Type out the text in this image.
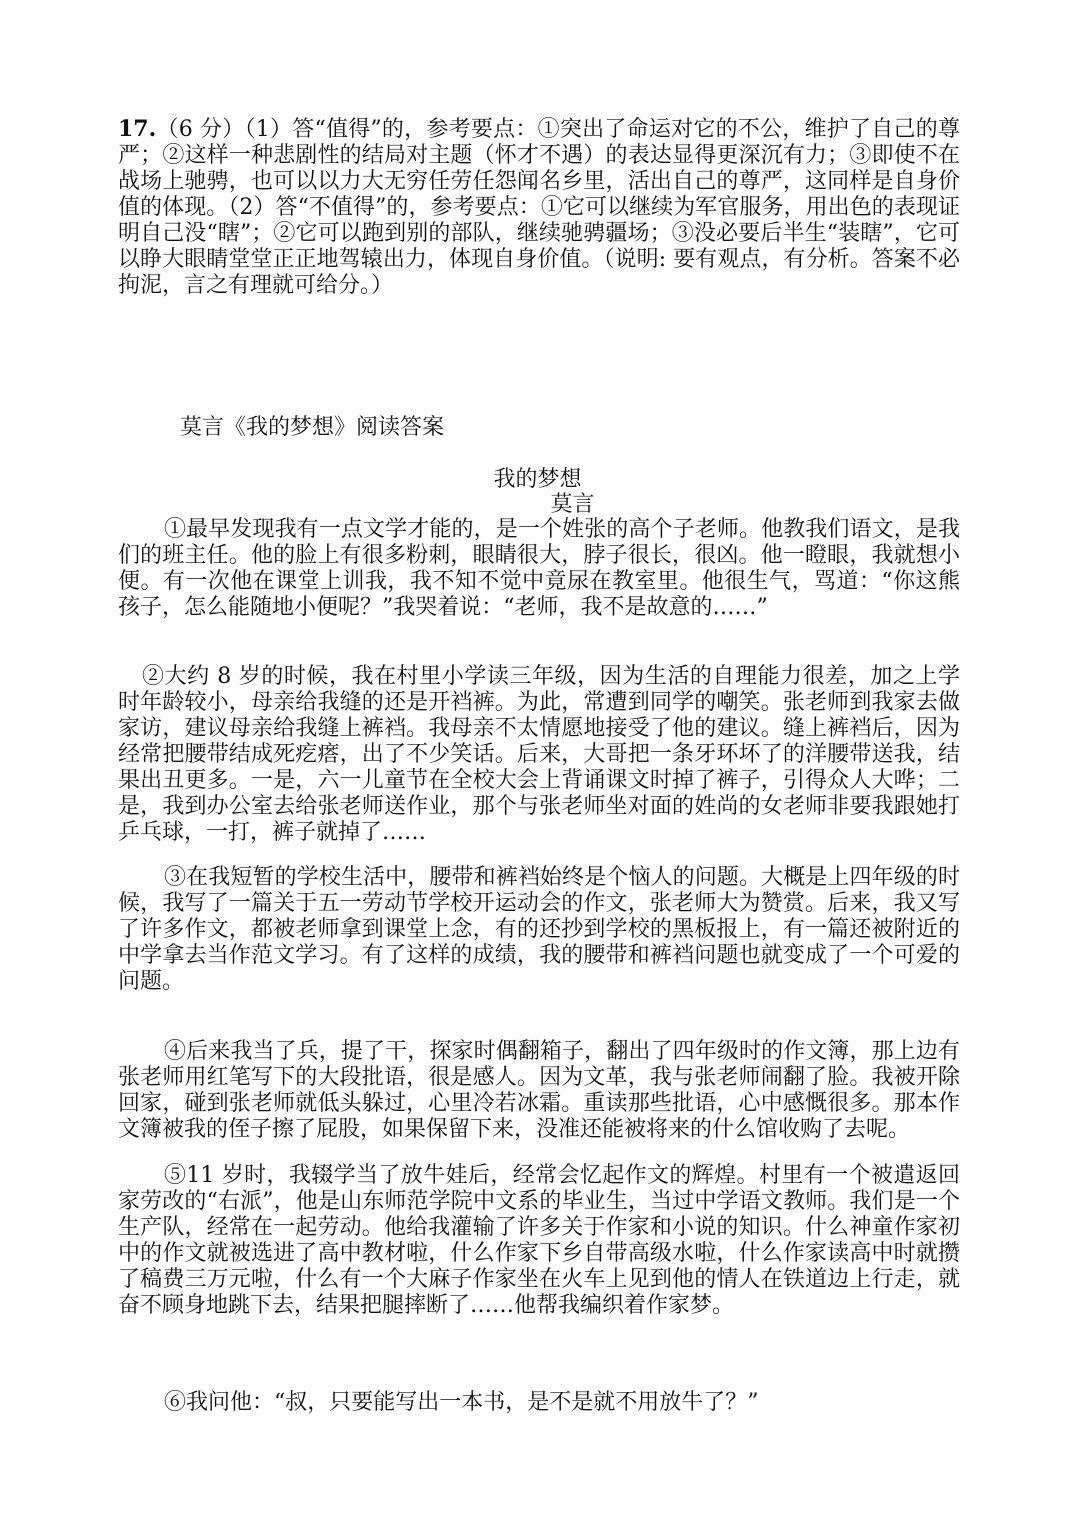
17.（6 分）（1）答“值得”的，参考要点：①突出了命运对它的不公，维护了自己的尊严；②这样一种悲剧性的结局对主题（怀才不遇）的表达显得更深沉有力；③即使不在战场上驰骋，也可以以力大无穷任劳任怨闻名乡里，活出自己的尊严，这同样是自身价值的体现。（2）答“不值得”的，参考要点：①它可以继续为军官服务，用出色的表现证明自己没“瞎”；②它可以跑到别的部队，继续驰骋疆场；③没必要后半生“装瞎”，它可以睁大眼睛堂堂正正地驾辕出力，体现自身价值。（说明: 要有观点，有分析。答案不必拘泥，言之有理就可给分。）

莫言《我的梦想》阅读答案

我的梦想

莫言

①最早发现我有一点文学才能的，是一个姓张的高个子老师。他教我们语文，是我们的班主任。他的脸上有很多粉刺，眼睛很大，脖子很长，很凶。他一瞪眼，我就想小便。有一次他在课堂上训我，我不知不觉中竟尿在教室里。他很生气，骂道：“你这熊孩子，怎么能随地小便呢？”我哭着说：“老师，我不是故意的……”

②大约 8 岁的时候，我在村里小学读三年级，因为生活的自理能力很差，加之上学时年龄较小，母亲给我缝的还是开裆裤。为此，常遭到同学的嘲笑。张老师到我家去做家访，建议母亲给我缝上裤裆。我母亲不太情愿地接受了他的建议。缝上裤裆后，因为经常把腰带结成死疙瘩，出了不少笑话。后来，大哥把一条牙环坏了的洋腰带送我，结果出丑更多。一是，六一儿童节在全校大会上背诵课文时掉了裤子，引得众人大哗；二是，我到办公室去给张老师送作业，那个与张老师坐对面的姓尚的女老师非要我跟她打乒乓球，一打，裤子就掉了……

③在我短暂的学校生活中，腰带和裤裆始终是个恼人的问题。大概是上四年级的时候，我写了一篇关于五一劳动节学校开运动会的作文，张老师大为赞赏。后来，我又写了许多作文，都被老师拿到课堂上念，有的还抄到学校的黑板报上，有一篇还被附近的中学拿去当作范文学习。有了这样的成绩，我的腰带和裤裆问题也就变成了一个可爱的问题。

④后来我当了兵，提了干，探家时偶翻箱子，翻出了四年级时的作文簿，那上边有张老师用红笔写下的大段批语，很是感人。因为文革，我与张老师闹翻了脸。我被开除回家，碰到张老师就低头躲过，心里冷若冰霜。重读那些批语，心中感慨很多。那本作文簿被我的侄子擦了屁股，如果保留下来，没准还能被将来的什么馆收购了去呢。

⑤11 岁时，我辍学当了放牛娃后，经常会忆起作文的辉煌。村里有一个被遣返回家劳改的“右派”，他是山东师范学院中文系的毕业生，当过中学语文教师。我们是一个生产队，经常在一起劳动。他给我灌输了许多关于作家和小说的知识。什么神童作家初中的作文就被选进了高中教材啦，什么作家下乡自带高级水啦，什么作家读高中时就攒了稿费三万元啦，什么有一个大麻子作家坐在火车上见到他的情人在铁道边上行走，就奋不顾身地跳下去，结果把腿摔断了……他帮我编织着作家梦。

⑥我问他：“叔，只要能写出一本书，是不是就不用放牛了？”
